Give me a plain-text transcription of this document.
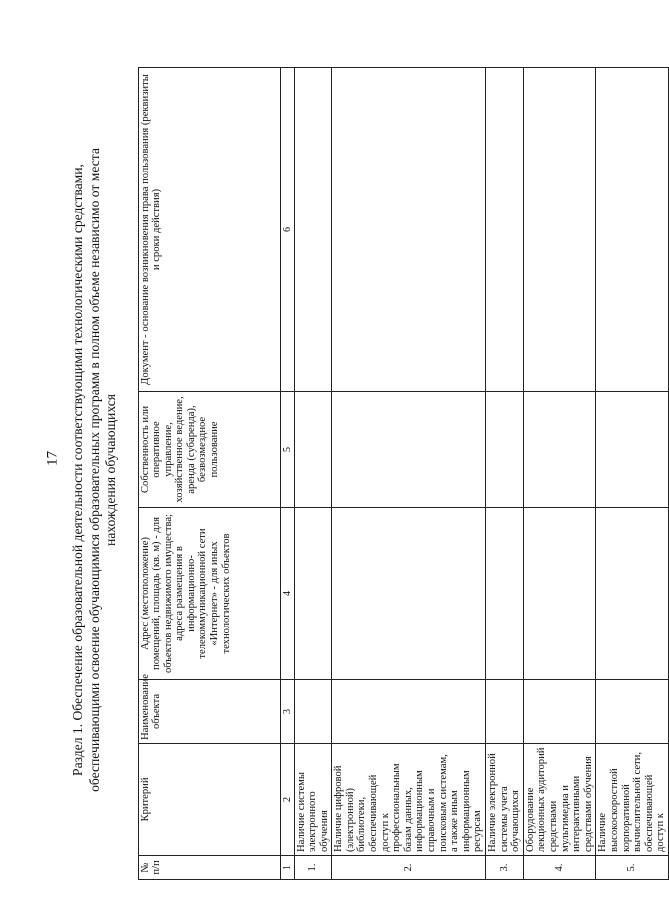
17 Раздел 1. Обеспечение образовательной деятельности соответствующими технологическими средствами, обеспечивающими освоение обучающимися образовательных программ в полном объеме независимо от места нахождения обучающихся
№ п/п	Критерий	Наименование объекта	Адрес (местоположение) помещений, площадь (кв. м) - для объектов недвижимого имущества; адреса размещения в информационно-телекоммуникационной сети «Интернет» - для иных технологических объектов	Собственность или оперативное управление, хозяйственное ведение, аренда (субаренда), безвозмездное пользование	Документ - основание возникновения права пользования (реквизиты и сроки действия)
1	2	3	4	5	6
1.	Наличие системы электронного обучения				
2.	Наличие цифровой (электронной) библиотеки, обеспечивающей доступ к профессиональным базам данных, информационным справочным и поисковым системам, а также иным информационным ресурсам				
3.	Наличие электронной системы учета обучающихся				
4.	Оборудование лекционных аудиторий средствами мультимедиа и интерактивными средствами обучения				
5.	Наличие высокоскоростной корпоративной вычислительной сети, обеспечивающей доступ к				
